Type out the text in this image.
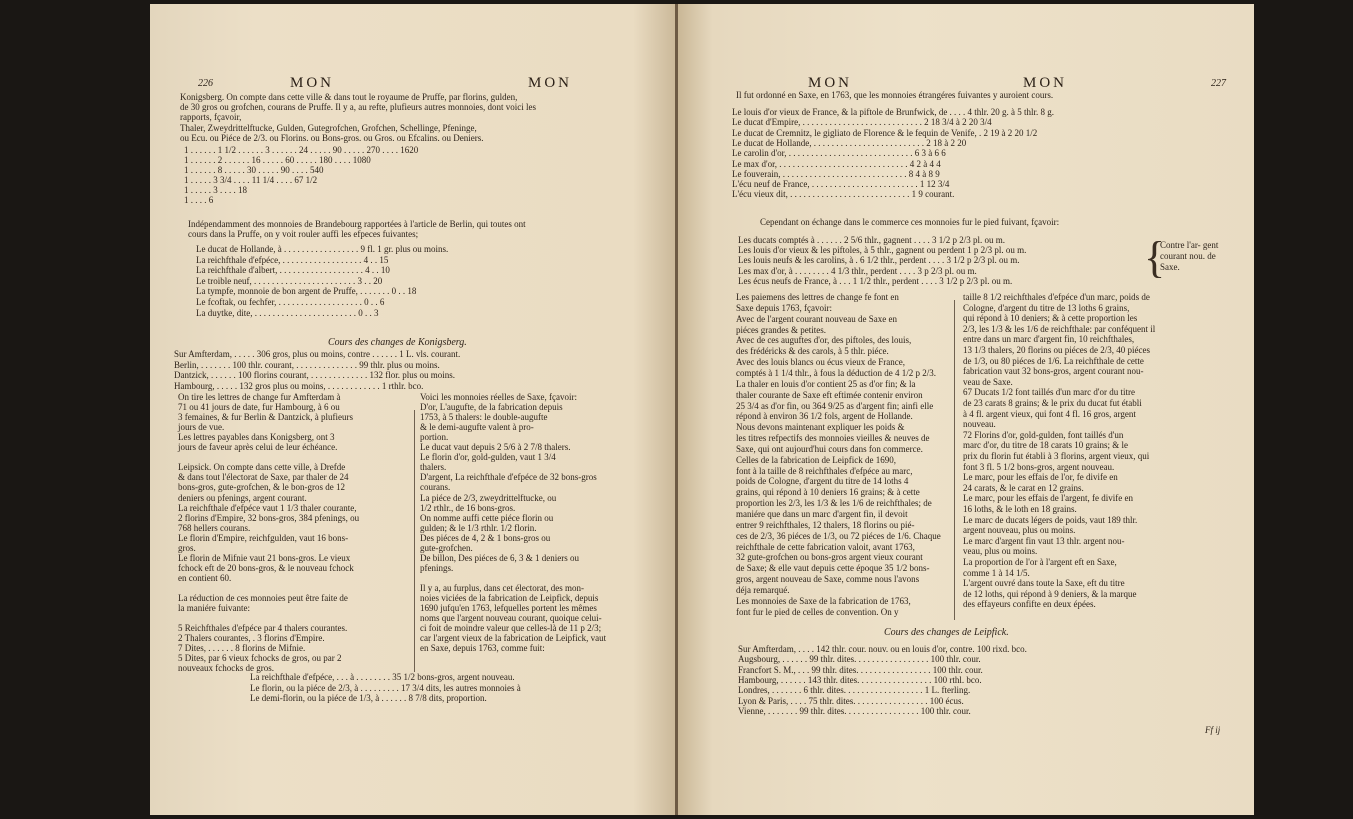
226	MON	MON
Konigsberg. On compte dans cette ville & dans tout le royaume de Pruffe, par florins, gulden,
de 30 gros ou grofchen, courans de Pruffe. Il y a, au refte, plufieurs autres monnoies, dont voici les
rapports, fçavoir,
Thaler, Zweydrittelftucke, Gulden, Gutegrofchen, Grofchen, Schellinge, Pfeninge,
ou Ecu. ou Piéce de 2/3. ou Florins. ou Bons-gros. ou Gros. ou Efcalins. ou Deniers.
1 . . . . . . 1 1/2 . . . . . . 3 . . . . . . 24 . . . . . 90 . . . . . 270 . . . . 1620
1 . . . . . . 2 . . . . . . 16 . . . . . 60 . . . . . 180 . . . . 1080
1 . . . . . . 8 . . . . . 30 . . . . . 90 . . . . 540
1 . . . . . 3 3/4 . . . . 11 1/4 . . . . 67 1/2
1 . . . . . 3 . . . . 18
1 . . . . 6
Indépendamment des monnoies de Brandebourg rapportées à l'article de Berlin, qui toutes ont
cours dans la Pruffe, on y voit rouler auffi les efpeces fuivantes;
Le ducat de Hollande, à . . . . . . . . . . . . . . . . . 9 fl. 1 gr. plus ou moins.
La reichfthale d'efpéce, . . . . . . . . . . . . . . . . . . 4 . . 15
La reichfthale d'albert, . . . . . . . . . . . . . . . . . . . 4 . . 10
Le troible neuf, . . . . . . . . . . . . . . . . . . . . . . . 3 . . 20
La tympfe, monnoie de bon argent de Pruffe, . . . . . . . 0 . . 18
Le fcoftak, ou fechfer, . . . . . . . . . . . . . . . . . . . 0 . . 6
La duytke, dite, . . . . . . . . . . . . . . . . . . . . . . . 0 . . 3
Cours des changes de Konigsberg.
Sur Amfterdam, . . . . . 306 gros, plus ou moins, contre . . . . . . 1 L. vls. courant.
Berlin, . . . . . . . 100 thlr. courant, . . . . . . . . . . . . . . 99 thlr. plus ou moins.
Dantzick, . . . . . . 100 florins courant, . . . . . . . . . . . . . 132 flor. plus ou moins.
Hambourg, . . . . . 132 gros plus ou moins, . . . . . . . . . . . . 1 rthlr. bco.
On tire les lettres de change fur Amfterdam à
71 ou 41 jours de date, fur Hambourg, à 6 ou
3 femaines, & fur Berlin & Dantzick, à plufieurs
jours de vue.
Les lettres payables dans Konigsberg, ont 3
jours de faveur après celui de leur échéance.
Leipsick. On compte dans cette ville, à Drefde
& dans tout l'électorat de Saxe, par thaler de 24
bons-gros, gute-grofchen, & le bon-gros de 12
deniers ou pfenings, argent courant.
La reichfthale d'efpéce vaut 1 1/3 thaler courante,
2 florins d'Empire, 32 bons-gros, 384 pfenings, ou
768 hellers courans.
Le florin d'Empire, reichfgulden, vaut 16 bons-
gros.
Le florin de Mifnie vaut 21 bons-gros. Le vieux
fchock eft de 20 bons-gros, & le nouveau fchock
en contient 60.
La réduction de ces monnoies peut être faite de
la maniére fuivante:
5 Reichfthales d'efpéce par 4 thalers courantes.
2 Thalers courantes, . 3 florins d'Empire.
7 Dites, . . . . . . 8 florins de Mifnie.
5 Dites, par 6 vieux fchocks de gros, ou par 2
nouveaux fchocks de gros.
Voici les monnoies réelles de Saxe, fçavoir:
D'or, L'augufte, de la fabrication depuis
1753, à 5 thalers: le double-augufte
& le demi-augufte valent à pro-
portion.
Le ducat vaut depuis 2 5/6 à 2 7/8 thalers.
Le florin d'or, gold-gulden, vaut 1 3/4
thalers.
D'argent, La reichfthale d'efpéce de 32 bons-gros
courans.
La piéce de 2/3, zweydrittelftucke, ou
1/2 rthlr., de 16 bons-gros.
On nomme auffi cette piéce florin ou
gulden; & le 1/3 rthlr. 1/2 florin.
Des piéces de 4, 2 & 1 bons-gros ou
gute-grofchen.
De billon, Des piéces de 6, 3 & 1 deniers ou
pfenings.
Il y a, au furplus, dans cet électorat, des mon-
noies viciées de la fabrication de Leipfick, depuis
1690 jufqu'en 1763, lefquelles portent les mêmes
noms que l'argent nouveau courant, quoique celui-
ci foit de moindre valeur que celles-là de 11 p 2/3;
car l'argent vieux de la fabrication de Leipfick, vaut
en Saxe, depuis 1763, comme fuit:
La reichfthale d'efpéce, . . . à . . . . . . . . 35 1/2 bons-gros, argent nouveau.
Le florin, ou la piéce de 2/3, à . . . . . . . . . 17 3/4 dits, les autres monnoies à
Le demi-florin, ou la piéce de 1/3, à . . . . . . 8 7/8 dits, proportion.
MON	MON	227
Il fut ordonné en Saxe, en 1763, que les monnoies étrangéres fuivantes y auroient cours.
Le louis d'or vieux de France, & la piftole de Brunfwick, de . . . . 4 thlr. 20 g. à 5 thlr. 8 g.
Le ducat d'Empire, . . . . . . . . . . . . . . . . . . . . . . . . . . . 2 18 3/4 à 2 20 3/4
Le ducat de Cremnitz, le gigliato de Florence & le fequin de Venife, . 2 19 à 2 20 1/2
Le ducat de Hollande, . . . . . . . . . . . . . . . . . . . . . . . . . 2 18 à 2 20
Le carolin d'or, . . . . . . . . . . . . . . . . . . . . . . . . . . . . 6 3 à 6 6
Le max d'or, . . . . . . . . . . . . . . . . . . . . . . . . . . . . . 4 2 à 4 4
Le fouverain, . . . . . . . . . . . . . . . . . . . . . . . . . . . . 8 4 à 8 9
L'écu neuf de France, . . . . . . . . . . . . . . . . . . . . . . . . 1 12 3/4
L'écu vieux dit, . . . . . . . . . . . . . . . . . . . . . . . . . . . 1 9 courant.
Cependant on échange dans le commerce ces monnoies fur le pied fuivant, fçavoir:
Les ducats comptés à . . . . . . 2 5/6 thlr., gagnent . . . . 3 1/2 p 2/3 pl. ou m.
Les louis d'or vieux & les piftoles, à 5 thlr., gagnent ou perdent 1 p 2/3 pl. ou m.
Les louis neufs & les carolins, à . 6 1/2 thlr., perdent . . . . 3 1/2 p 2/3 pl. ou m.
Les max d'or, à . . . . . . . . 4 1/3 thlr., perdent . . . . 3 p 2/3 pl. ou m.
Les écus neufs de France, à . . . 1 1/2 thlr., perdent . . . . 3 1/2 p 2/3 pl. ou m.	{
Contre l'ar- gent courant nou. de Saxe.
Les paiemens des lettres de change fe font en
Saxe depuis 1763, fçavoir:
Avec de l'argent courant nouveau de Saxe en
piéces grandes & petites.
Avec de ces auguftes d'or, des piftoles, des louis,
des frédéricks & des carols, à 5 thlr. piéce.
Avec des louis blancs ou écus vieux de France,
comptés à 1 1/4 thlr., à fous la déduction de 4 1/2 p 2/3.
La thaler en louis d'or contient 25 as d'or fin; & la
thaler courante de Saxe eft eftimée contenir environ
25 3/4 as d'or fin, ou 364 9/25 as d'argent fin; ainfi elle
répond à environ 36 1/2 fols, argent de Hollande.
Nous devons maintenant expliquer les poids &
les titres refpectifs des monnoies vieilles & neuves de
Saxe, qui ont aujourd'hui cours dans fon commerce.
Celles de la fabrication de Leipfick de 1690,
font à la taille de 8 reichfthales d'efpéce au marc,
poids de Cologne, d'argent du titre de 14 loths 4
grains, qui répond à 10 deniers 16 grains; & à cette
proportion les 2/3, les 1/3 & les 1/6 de reichfthales; de
maniére que dans un marc d'argent fin, il devoit
entrer 9 reichfthales, 12 thalers, 18 florins ou pié-
ces de 2/3, 36 piéces de 1/3, ou 72 piéces de 1/6. Chaque
reichfthale de cette fabrication valoit, avant 1763,
32 gute-grofchen ou bons-gros argent vieux courant
de Saxe; & elle vaut depuis cette époque 35 1/2 bons-
gros, argent nouveau de Saxe, comme nous l'avons
déja remarqué.
Les monnoies de Saxe de la fabrication de 1763,
font fur le pied de celles de convention. On y
taille 8 1/2 reichfthales d'efpéce d'un marc, poids de
Cologne, d'argent du titre de 13 loths 6 grains,
qui répond à 10 deniers; & à cette proportion les
2/3, les 1/3 & les 1/6 de reichfthale: par conféquent il
entre dans un marc d'argent fin, 10 reichfthales,
13 1/3 thalers, 20 florins ou piéces de 2/3, 40 piéces
de 1/3, ou 80 piéces de 1/6. La reichfthale de cette
fabrication vaut 32 bons-gros, argent courant nou-
veau de Saxe.
67 Ducats 1/2 font taillés d'un marc d'or du titre
de 23 carats 8 grains; & le prix du ducat fut établi
à 4 fl. argent vieux, qui font 4 fl. 16 gros, argent
nouveau.
72 Florins d'or, gold-gulden, font taillés d'un
marc d'or, du titre de 18 carats 10 grains; & le
prix du florin fut établi à 3 florins, argent vieux, qui
font 3 fl. 5 1/2 bons-gros, argent nouveau.
Le marc, pour les effais de l'or, fe divife en
24 carats, & le carat en 12 grains.
Le marc, pour les effais de l'argent, fe divife en
16 loths, & le loth en 18 grains.
Le marc de ducats légers de poids, vaut 189 thlr.
argent nouveau, plus ou moins.
Le marc d'argent fin vaut 13 thlr. argent nou-
veau, plus ou moins.
La proportion de l'or à l'argent eft en Saxe,
comme 1 à 14 1/5.
L'argent ouvré dans toute la Saxe, eft du titre
de 12 loths, qui répond à 9 deniers, & la marque
des effayeurs confifte en deux épées.
Cours des changes de Leipfick.
Sur Amfterdam, . . . . 142 thlr. cour. nouv. ou en louis d'or, contre. 100 rixd. bco.
Augsbourg, . . . . . . 99 thlr. dites. . . . . . . . . . . . . . . . . 100 thlr. cour.
Francfort S. M., . . . 99 thlr. dites. . . . . . . . . . . . . . . . . 100 thlr. cour.
Hambourg, . . . . . . 143 thlr. dites. . . . . . . . . . . . . . . . . 100 rthl. bco.
Londres, . . . . . . . 6 thlr. dites. . . . . . . . . . . . . . . . . . 1 L. fterling.
Lyon & Paris, . . . . 75 thlr. dites. . . . . . . . . . . . . . . . . 100 écus.
Vienne, . . . . . . . 99 thlr. dites. . . . . . . . . . . . . . . . . 100 thlr. cour.
Ff ij
